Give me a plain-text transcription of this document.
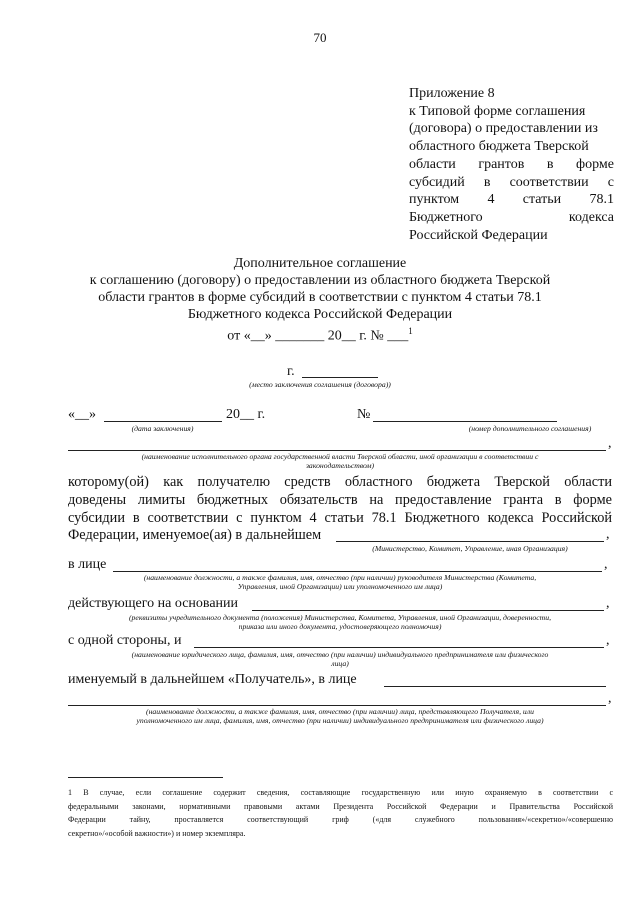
70
Приложение 8
к Типовой форме соглашения
(договора) о предоставлении из
областного бюджета Тверской
области грантов в форме
субсидий в соответствии с
пунктом 4 статьи 78.1
Бюджетного	кодекса
Российской Федерации
Дополнительное соглашение
к соглашению (договору) о предоставлении из областного бюджета Тверской
области грантов в форме субсидий в соответствии с пунктом 4 статьи 78.1
Бюджетного кодекса Российской Федерации
от «__» _______ 20__ г. № ___$^1$
г.
(место заключения соглашения (договора))
«__»	20__ г.
(дата заключения)
№
(номер дополнительного соглашения)
,
(наименование исполнительного органа государственной власти Тверской области, иной организации в соответствии с
законодательством)
которому(ой) как получателю средств областного бюджета Тверской области
доведены лимиты бюджетных обязательств на предоставление гранта в форме
субсидии в соответствии с пунктом 4 статьи 78.1 Бюджетного кодекса Российской
Федерации, именуемое(ая) в дальнейшем	,
(Министерство, Комитет, Управление, иная Организация)
в лице	,
(наименование должности, а также фамилия, имя, отчество (при наличии) руководителя Министерства (Комитета,
Управления, иной Организации) или уполномоченного им лица)
действующего на основании	,
(реквизиты учредительного документа (положения) Министерства, Комитета, Управления, иной Организации, доверенности,
приказа или иного документа, удостоверяющего полномочия)
с одной стороны, и	,
(наименование юридического лица, фамилия, имя, отчество (при наличии) индивидуального предпринимателя или физического
лица)
именуемый в дальнейшем «Получатель», в лице
,
(наименование должности, а также фамилия, имя, отчество (при наличии) лица, представляющего Получателя, или
уполномоченного им лица, фамилия, имя, отчество (при наличии) индивидуального предпринимателя или физического лица)
1 В случае, если соглашение содержит сведения, составляющие государственную или иную охраняемую в соответствии с
федеральными законами, нормативными правовыми актами Президента Российской Федерации и Правительства Российской
Федерации тайну, проставляется соответствующий гриф («для служебного пользования»/«секретно»/«совершенно
секретно»/«особой важности») и номер экземпляра.
